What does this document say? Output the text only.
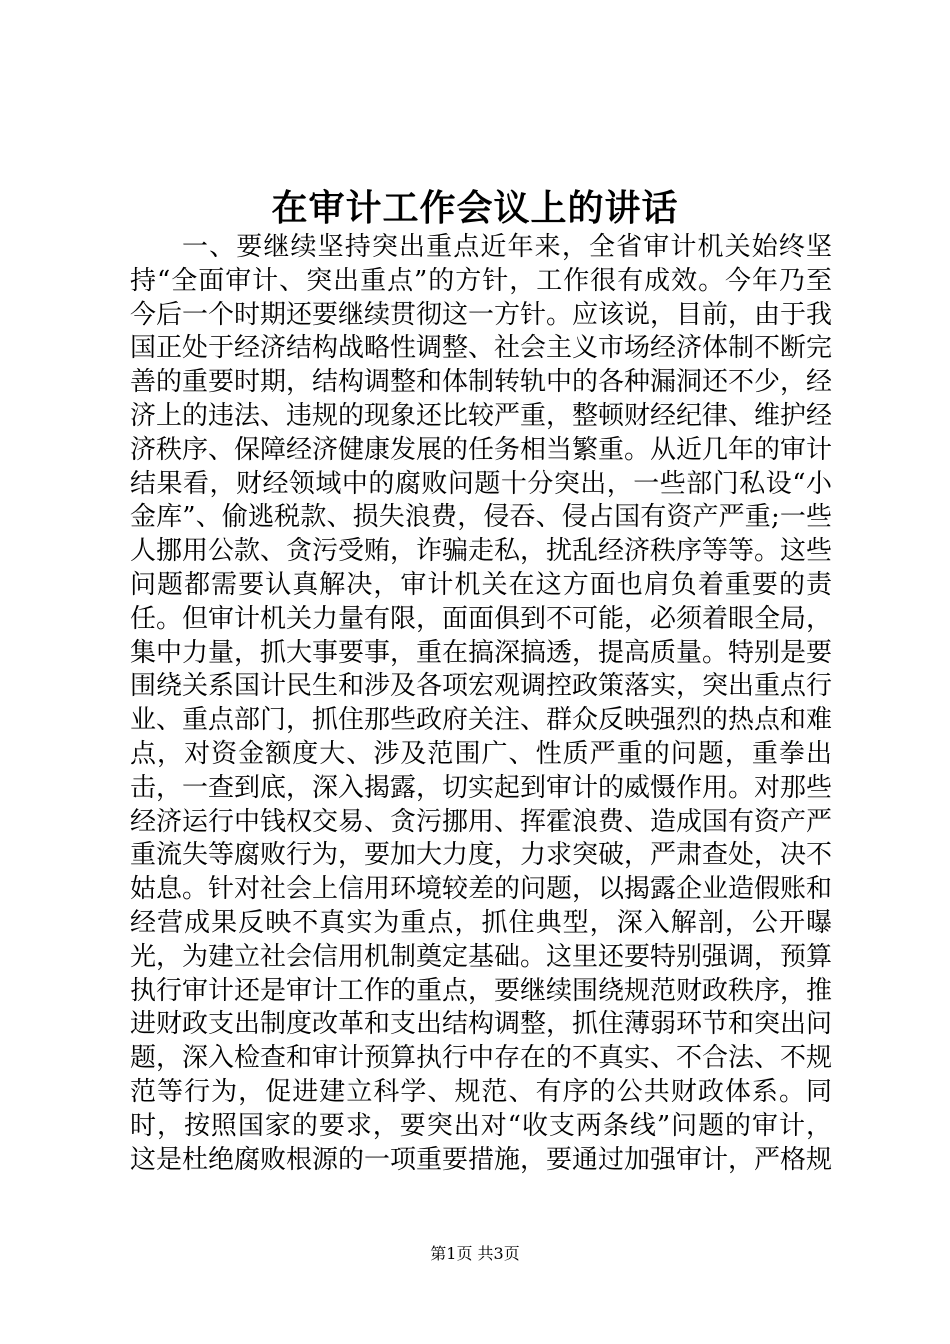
在审计工作会议上的讲话

一、要继续坚持突出重点近年来，全省审计机关始终坚持“全面审计、突出重点”的方针，工作很有成效。今年乃至今后一个时期还要继续贯彻这一方针。应该说，目前，由于我国正处于经济结构战略性调整、社会主义市场经济体制不断完善的重要时期，结构调整和体制转轨中的各种漏洞还不少，经济上的违法、违规的现象还比较严重，整顿财经纪律、维护经济秩序、保障经济健康发展的任务相当繁重。从近几年的审计结果看，财经领域中的腐败问题十分突出，一些部门私设“小金库”、偷逃税款、损失浪费，侵吞、侵占国有资产严重;一些人挪用公款、贪污受贿，诈骗走私，扰乱经济秩序等等。这些问题都需要认真解决，审计机关在这方面也肩负着重要的责任。但审计机关力量有限，面面俱到不可能，必须着眼全局，集中力量，抓大事要事，重在搞深搞透，提高质量。特别是要围绕关系国计民生和涉及各项宏观调控政策落实，突出重点行业、重点部门，抓住那些政府关注、群众反映强烈的热点和难点，对资金额度大、涉及范围广、性质严重的问题，重拳出击，一查到底，深入揭露，切实起到审计的威慑作用。对那些经济运行中钱权交易、贪污挪用、挥霍浪费、造成国有资产严重流失等腐败行为，要加大力度，力求突破，严肃查处，决不姑息。针对社会上信用环境较差的问题，以揭露企业造假账和经营成果反映不真实为重点，抓住典型，深入解剖，公开曝光，为建立社会信用机制奠定基础。这里还要特别强调，预算执行审计还是审计工作的重点，要继续围绕规范财政秩序，推进财政支出制度改革和支出结构调整，抓住薄弱环节和突出问题，深入检查和审计预算执行中存在的不真实、不合法、不规范等行为，促进建立科学、规范、有序的公共财政体系。同时，按照国家的要求，要突出对“收支两条线”问题的审计，这是杜绝腐败根源的一项重要措施，要通过加强审计，严格规

第1页 共3页
